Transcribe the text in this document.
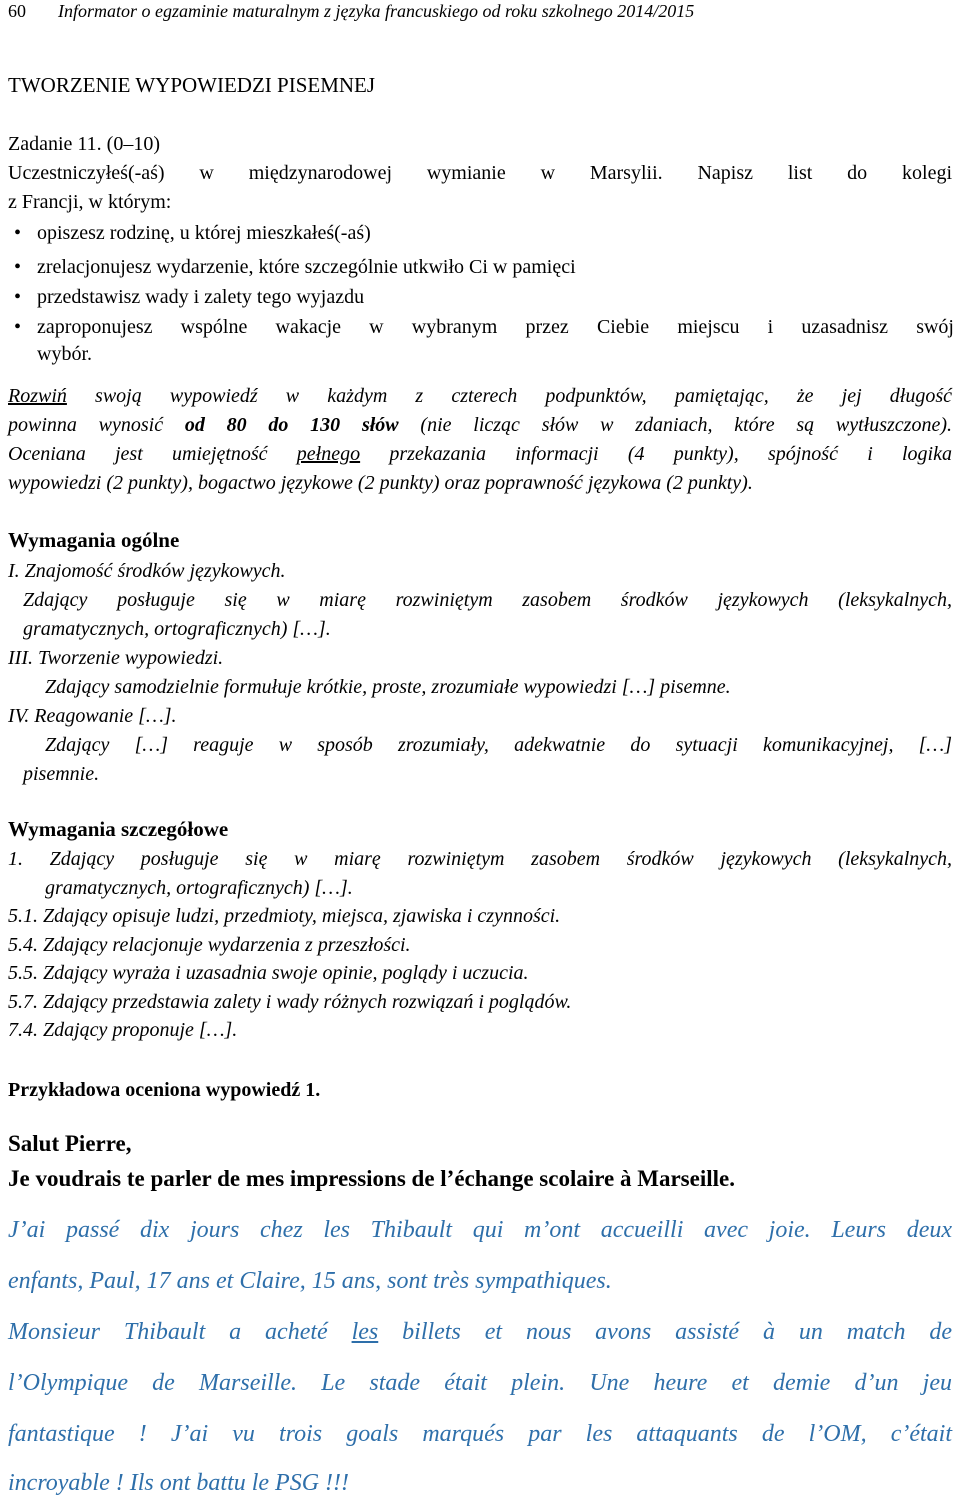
60 Informator o egzaminie maturalnym z języka francuskiego od roku szkolnego 2014/2015
TWORZENIE WYPOWIEDZI PISEMNEJ
Zadanie 11. (0–10)
Uczestniczyłeś(-aś) w międzynarodowej wymianie w Marsylii. Napisz list do kolegi
z Francji, w którym:
• opiszesz rodzinę, u której mieszkałeś(-aś)
• zrelacjonujesz wydarzenie, które szczególnie utkwiło Ci w pamięci
• przedstawisz wady i zalety tego wyjazdu
• zaproponujesz wspólne wakacje w wybranym przez Ciebie miejscu i uzasadnisz swój
wybór.
Rozwiń swoją wypowiedź w każdym z czterech podpunktów, pamiętając, że jej długość
powinna wynosić od 80 do 130 słów (nie licząc słów w zdaniach, które są wytłuszczone).
Oceniana jest umiejętność pełnego przekazania informacji (4 punkty), spójność i logika
wypowiedzi (2 punkty), bogactwo językowe (2 punkty) oraz poprawność językowa (2 punkty).
Wymagania ogólne
I. Znajomość środków językowych.
Zdający posługuje się w miarę rozwiniętym zasobem środków językowych (leksykalnych,
gramatycznych, ortograficznych) […].
III. Tworzenie wypowiedzi.
Zdający samodzielnie formułuje krótkie, proste, zrozumiałe wypowiedzi […] pisemne.
IV. Reagowanie […].
Zdający […] reaguje w sposób zrozumiały, adekwatnie do sytuacji komunikacyjnej, […]
pisemnie.
Wymagania szczegółowe
1. Zdający posługuje się w miarę rozwiniętym zasobem środków językowych (leksykalnych,
gramatycznych, ortograficznych) […].
5.1. Zdający opisuje ludzi, przedmioty, miejsca, zjawiska i czynności.
5.4. Zdający relacjonuje wydarzenia z przeszłości.
5.5. Zdający wyraża i uzasadnia swoje opinie, poglądy i uczucia.
5.7. Zdający przedstawia zalety i wady różnych rozwiązań i poglądów.
7.4. Zdający proponuje […].
Przykładowa oceniona wypowiedź 1.
Salut Pierre,
Je voudrais te parler de mes impressions de l’échange scolaire à Marseille.
J’ai passé dix jours chez les Thibault qui m’ont accueilli avec joie. Leurs deux
enfants, Paul, 17 ans et Claire, 15 ans, sont très sympathiques.
Monsieur Thibault a acheté les billets et nous avons assisté à un match de
l’Olympique de Marseille. Le stade était plein. Une heure et demie d’un jeu
fantastique ! J’ai vu trois goals marqués par les attaquants de l’OM, c’était
incroyable ! Ils ont battu le PSG !!!
